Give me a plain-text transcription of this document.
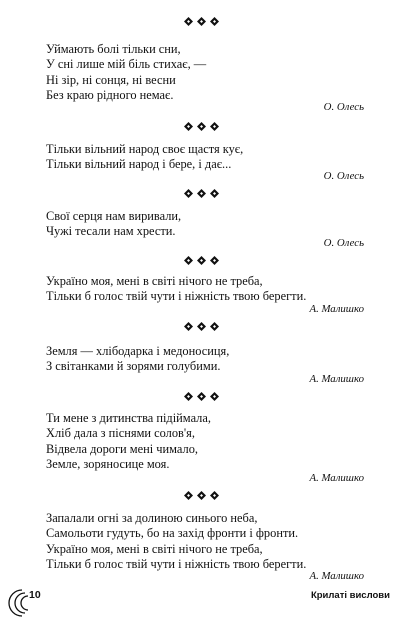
Уймають болі тільки сни,
У сні лише мій біль стихає, —
Ні зір, ні сонця, ні весни
Без краю рідного немає.
О. Олесь
Тільки вільний народ своє щастя кує,
Тільки вільний народ і бере, і дає...
О. Олесь
Свої серця нам виривали,
Чужі тесали нам хрести.
О. Олесь
Україно моя, мені в світі нічого не треба,
Тільки б голос твій чути і ніжність твою берегти.
А. Малишко
Земля — хлібодарка і медоносиця,
З світанками й зорями голубими.
А. Малишко
Ти мене з дитинства підіймала,
Хліб дала з піснями солов'я,
Відвела дороги мені чимало,
Земле, зоряносице моя.
А. Малишко
Запалали огні за долиною синього неба,
Самольоти гудуть, бо на захід фронти і фронти.
Україно моя, мені в світі нічого не треба,
Тільки б голос твій чути і ніжність твою берегти.
А. Малишко
10	Крилаті вислови
